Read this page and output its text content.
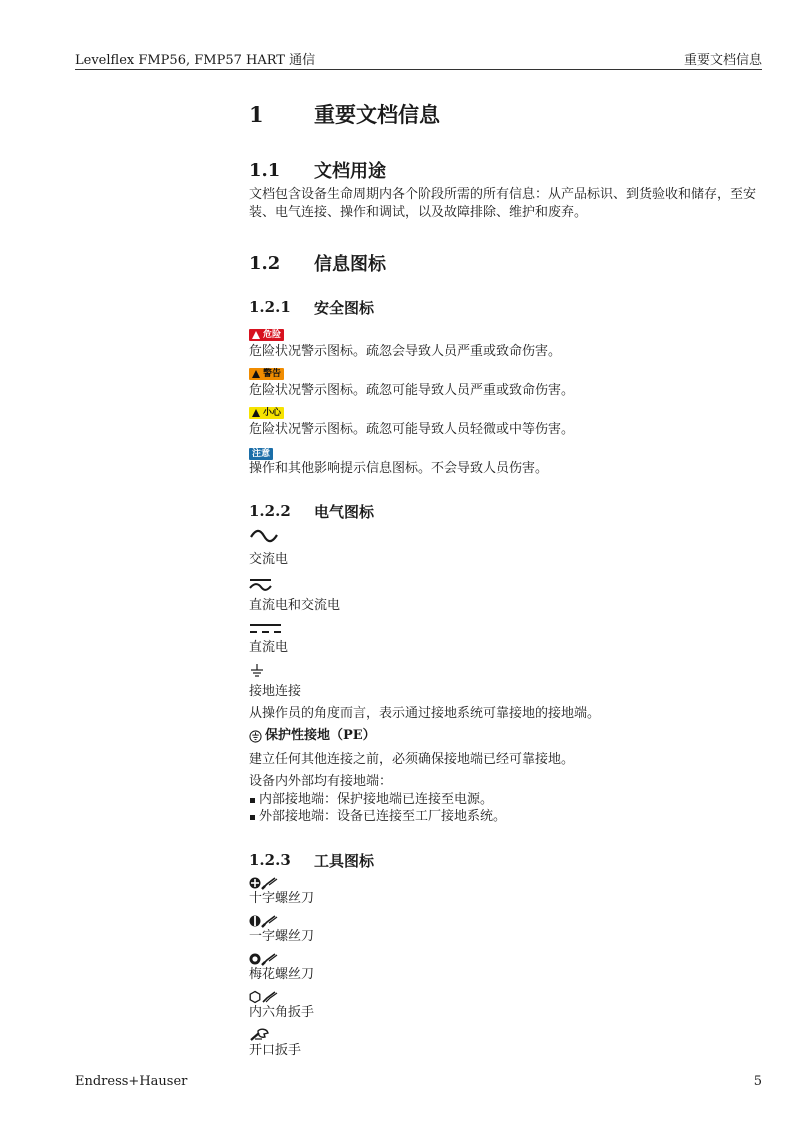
Levelflex FMP56, FMP57 HART 通信	重要文档信息
1	重要文档信息
1.1	文档用途
文档包含设备生命周期内各个阶段所需的所有信息：从产品标识、到货验收和储存，至安装、电气连接、操作和调试，以及故障排除、维护和废弃。
1.2	信息图标
1.2.1	安全图标
危险
危险状况警示图标。疏忽会导致人员严重或致命伤害。
警告
危险状况警示图标。疏忽可能导致人员严重或致命伤害。
小心
危险状况警示图标。疏忽可能导致人员轻微或中等伤害。
注意
操作和其他影响提示信息图标。不会导致人员伤害。
1.2.2	电气图标
交流电
直流电和交流电
直流电
接地连接
从操作员的角度而言，表示通过接地系统可靠接地的接地端。
保护性接地（PE）
建立任何其他连接之前，必须确保接地端已经可靠接地。
设备内外部均有接地端：
内部接地端：保护接地端已连接至电源。
外部接地端：设备已连接至工厂接地系统。
1.2.3	工具图标
十字螺丝刀
一字螺丝刀
梅花螺丝刀
内六角扳手
开口扳手
Endress+Hauser	5
